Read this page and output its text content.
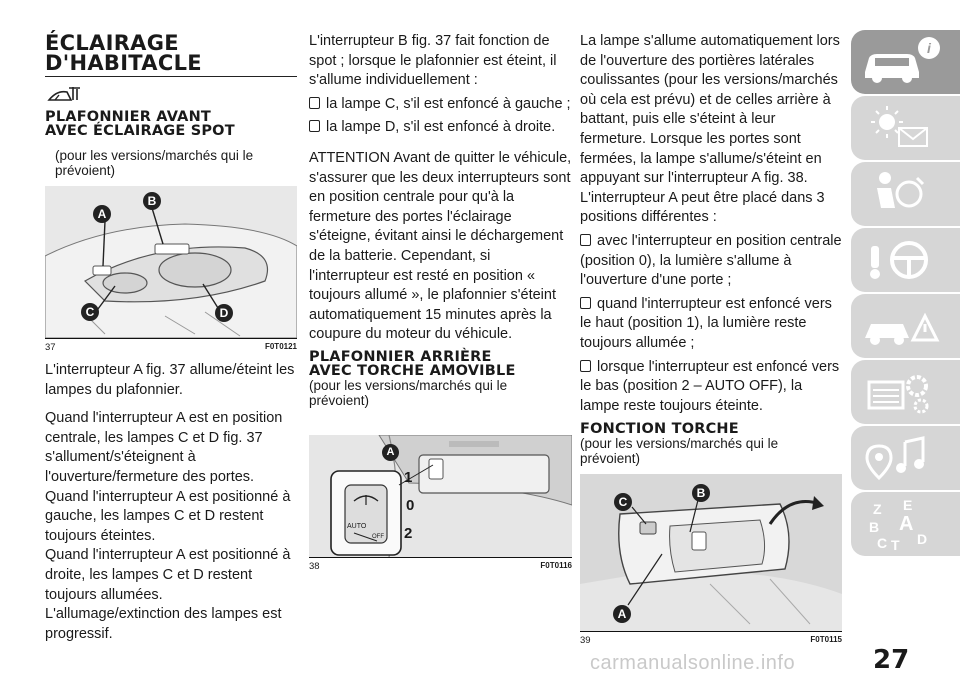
ÉCLAIRAGE
D'HABITACLE
PLAFONNIER AVANT
AVEC ÉCLAIRAGE SPOT

(pour les versions/marchés qui le prévoient)

A
B
C	D
37	F0T0121

L'interrupteur A fig. 37 allume/éteint les lampes du plafonnier.

Quand l'interrupteur A est en position centrale, les lampes C et D fig. 37 s'allument/s'éteignent à l'ouverture/fermeture des portes.

Quand l'interrupteur A est positionné à gauche, les lampes C et D restent toujours éteintes.

Quand l'interrupteur A est positionné à droite, les lampes C et D restent toujours allumées.

L'allumage/extinction des lampes est progressif.

L'interrupteur B fig. 37 fait fonction de spot ; lorsque le plafonnier est éteint, il s'allume individuellement :

la lampe C, s'il est enfoncé à gauche ;

la lampe D, s'il est enfoncé à droite.

ATTENTION Avant de quitter le véhicule, s'assurer que les deux interrupteurs sont en position centrale pour qu'à la fermeture des portes l'éclairage s'éteigne, évitant ainsi le déchargement de la batterie. Cependant, si l'interrupteur est resté en position « toujours allumé », le plafonnier s'éteint automatiquement 15 minutes après la coupure du moteur du véhicule.

PLAFONNIER ARRIÈRE
AVEC TORCHE AMOVIBLE

(pour les versions/marchés qui le prévoient)

AUTO
OFF
A
1
0
2
38	F0T0116

La lampe s'allume automatiquement lors de l'ouverture des portières latérales coulissantes (pour les versions/marchés où cela est prévu) et de celles arrière à battant, puis elle s'éteint à leur fermeture. Lorsque les portes sont fermées, la lampe s'allume/s'éteint en appuyant sur l'interrupteur A fig. 38. L'interrupteur A peut être placé dans 3 positions différentes :

avec l'interrupteur en position centrale (position 0), la lumière s'allume à l'ouverture d'une porte ;

quand l'interrupteur est enfoncé vers le haut (position 1), la lumière reste toujours allumée ;

lorsque l'interrupteur est enfoncé vers le bas (position 2 – AUTO OFF), la lampe reste toujours éteinte.

FONCTION TORCHE

(pour les versions/marchés qui le prévoient)

C
B
A
39	F0T0115
i
Z E
B A
C T D
carmanualsonline.info	27
